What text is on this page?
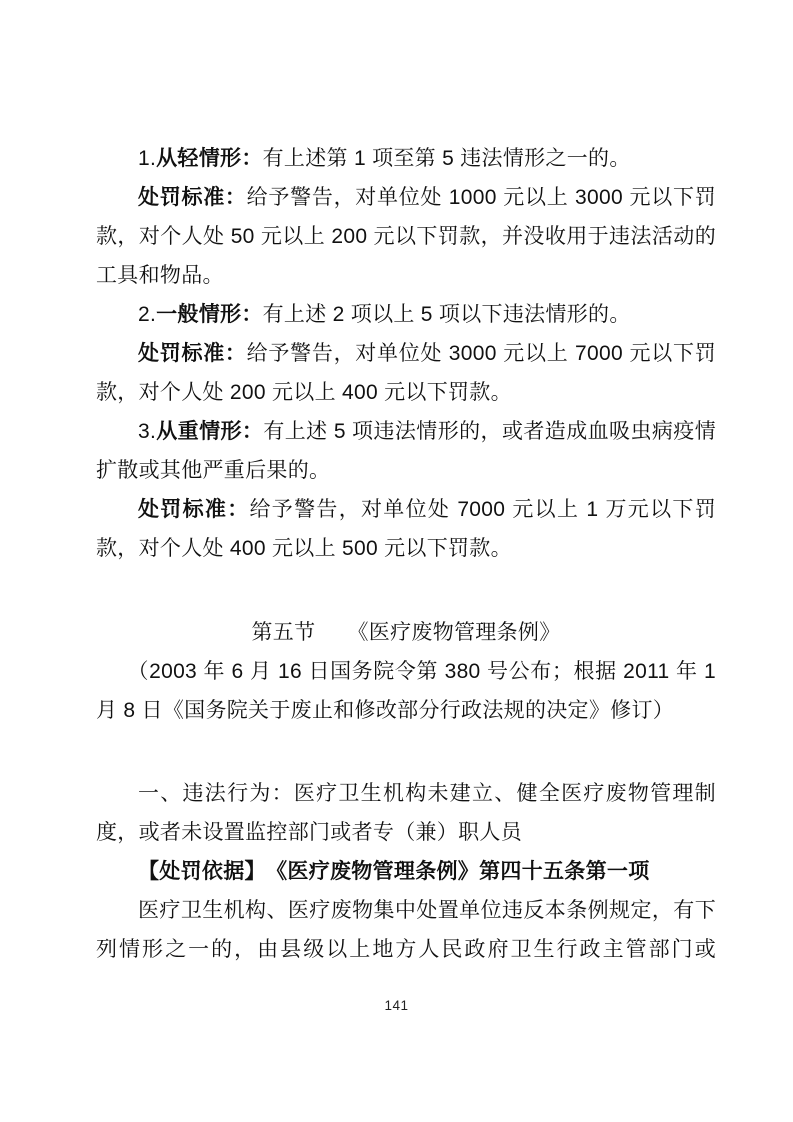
1.从轻情形：有上述第 1 项至第 5 违法情形之一的。

处罚标准：给予警告，对单位处 1000 元以上 3000 元以下罚款，对个人处 50 元以上 200 元以下罚款，并没收用于违法活动的工具和物品。

2.一般情形：有上述 2 项以上 5 项以下违法情形的。

处罚标准：给予警告，对单位处 3000 元以上 7000 元以下罚款，对个人处 200 元以上 400 元以下罚款。

3.从重情形：有上述 5 项违法情形的，或者造成血吸虫病疫情扩散或其他严重后果的。

处罚标准：给予警告，对单位处 7000 元以上 1 万元以下罚款，对个人处 400 元以上 500 元以下罚款。

第五节　　《医疗废物管理条例》

（2003 年 6 月 16 日国务院令第 380 号公布；根据 2011 年 1 月 8 日《国务院关于废止和修改部分行政法规的决定》修订）

一、违法行为：医疗卫生机构未建立、健全医疗废物管理制度，或者未设置监控部门或者专（兼）职人员

【处罚依据】　《医疗废物管理条例》第四十五条第一项

医疗卫生机构、医疗废物集中处置单位违反本条例规定，有下列情形之一的，由县级以上地方人民政府卫生行政主管部门或

141
